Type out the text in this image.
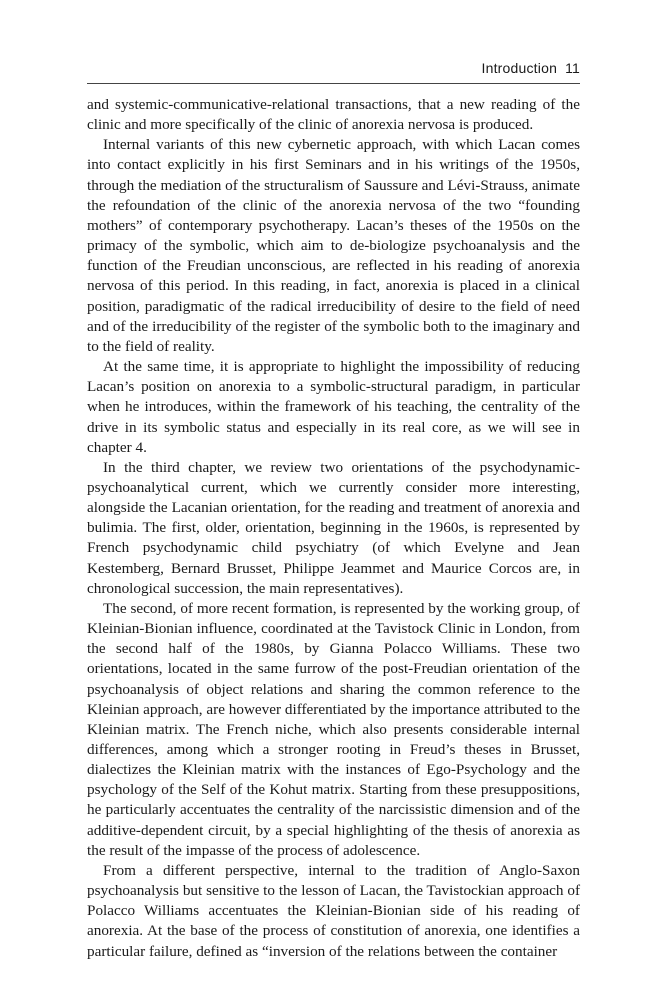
Introduction 11

and systemic-communicative-relational transactions, that a new reading of the clinic and more specifically of the clinic of anorexia nervosa is produced.

Internal variants of this new cybernetic approach, with which Lacan comes into contact explicitly in his first Seminars and in his writings of the 1950s, through the mediation of the structuralism of Saussure and Lévi-Strauss, animate the refoundation of the clinic of the anorexia nervosa of the two “founding mothers” of contemporary psychotherapy. Lacan’s theses of the 1950s on the primacy of the symbolic, which aim to de-biologize psychoanalysis and the function of the Freudian unconscious, are reflected in his reading of anorexia nervosa of this period. In this reading, in fact, anorexia is placed in a clinical position, paradigmatic of the radical irreducibility of desire to the field of need and of the irreducibility of the register of the symbolic both to the imaginary and to the field of reality.

At the same time, it is appropriate to highlight the impossibility of reducing Lacan’s position on anorexia to a symbolic-structural paradigm, in particular when he introduces, within the framework of his teaching, the centrality of the drive in its symbolic status and especially in its real core, as we will see in chapter 4.

In the third chapter, we review two orientations of the psychodynamic-psychoanalytical current, which we currently consider more interesting, alongside the Lacanian orientation, for the reading and treatment of anorexia and bulimia. The first, older, orientation, beginning in the 1960s, is represented by French psychodynamic child psychiatry (of which Evelyne and Jean Kestemberg, Bernard Brusset, Philippe Jeammet and Maurice Corcos are, in chronological succession, the main representatives).

The second, of more recent formation, is represented by the working group, of Kleinian-Bionian influence, coordinated at the Tavistock Clinic in London, from the second half of the 1980s, by Gianna Polacco Williams. These two orientations, located in the same furrow of the post-Freudian orientation of the psychoanalysis of object relations and sharing the common reference to the Kleinian approach, are however differentiated by the importance attributed to the Kleinian matrix. The French niche, which also presents considerable internal differences, among which a stronger rooting in Freud’s theses in Brusset, dialectizes the Kleinian matrix with the instances of Ego-Psychology and the psychology of the Self of the Kohut matrix. Starting from these presuppositions, he particularly accentuates the centrality of the narcissistic dimension and of the additive-dependent circuit, by a special highlighting of the thesis of anorexia as the result of the impasse of the process of adolescence.

From a different perspective, internal to the tradition of Anglo-Saxon psychoanalysis but sensitive to the lesson of Lacan, the Tavistockian approach of Polacco Williams accentuates the Kleinian-Bionian side of his reading of anorexia. At the base of the process of constitution of anorexia, one identifies a particular failure, defined as “inversion of the relations between the container
